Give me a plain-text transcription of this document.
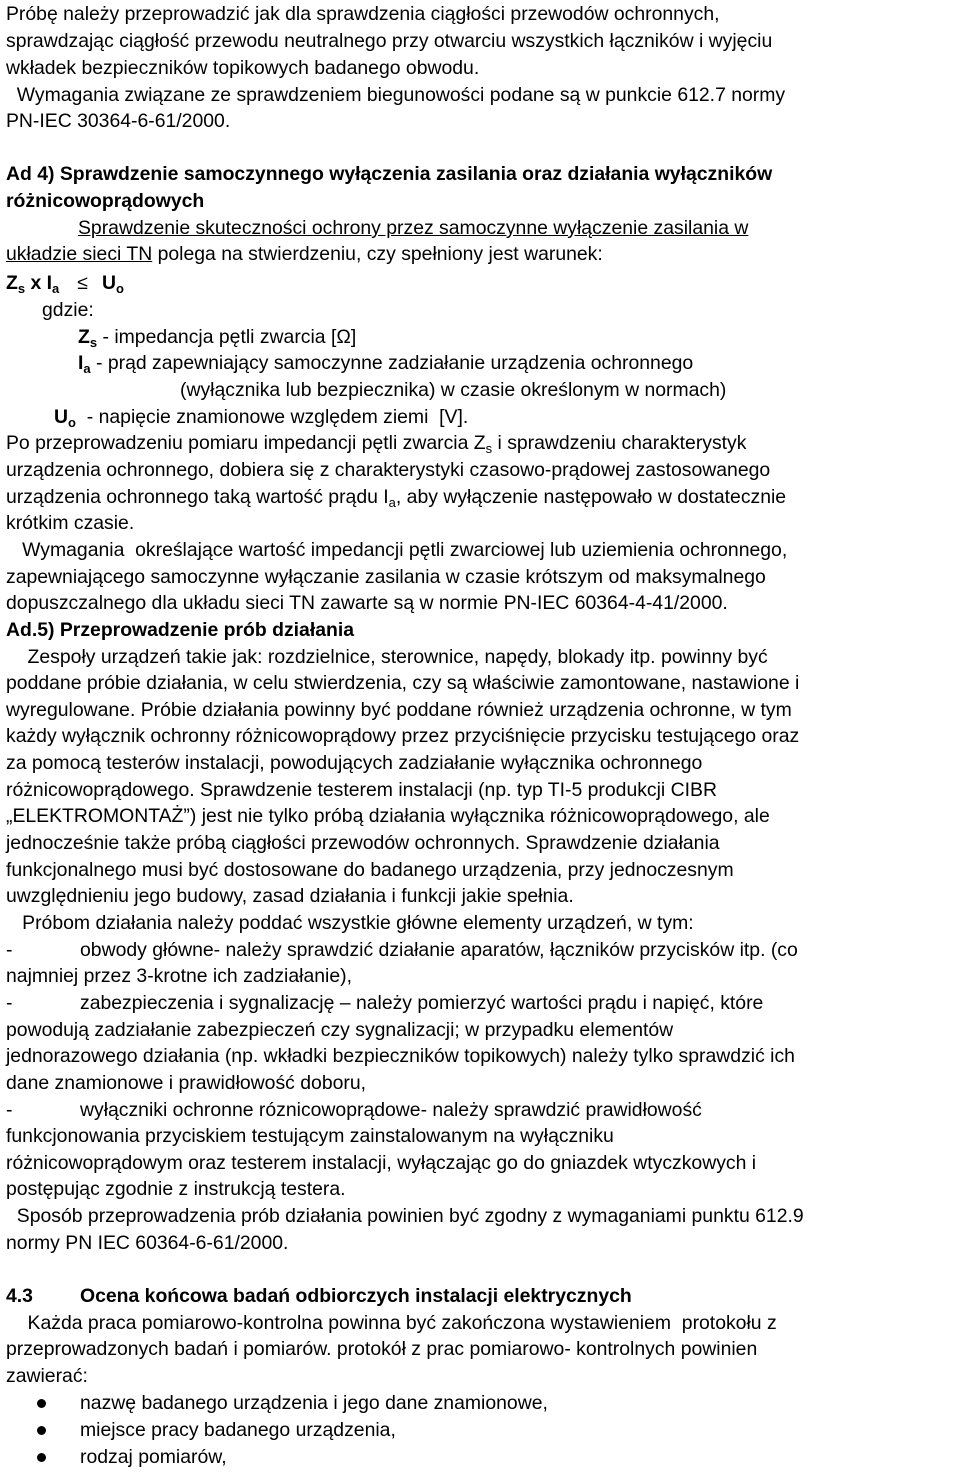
Próbę należy przeprowadzić jak dla sprawdzenia ciągłości przewodów ochronnych,
sprawdzając ciągłość przewodu neutralnego przy otwarciu wszystkich łączników i wyjęciu
wkładek bezpieczników topikowych badanego obwodu.
Wymagania związane ze sprawdzeniem biegunowości podane są w punkcie 612.7 normy
PN-IEC 30364-6-61/2000.
Ad 4) Sprawdzenie samoczynnego wyłączenia zasilania oraz działania wyłączników
różnicowoprądowych
Sprawdzenie skuteczności ochrony przez samoczynne wyłączenie zasilania w
układzie sieci TN polega na stwierdzeniu, czy spełniony jest warunek:
$Z_s$ x $I_a \le U_o$
gdzie:
$Z_s$ - impedancja pętli zwarcia [Ω]
$I_a$ - prąd zapewniający samoczynne zadziałanie urządzenia ochronnego
(wyłącznika lub bezpiecznika) w czasie określonym w normach)
$U_o$  - napięcie znamionowe względem ziemi  [V].
Po przeprowadzeniu pomiaru impedancji pętli zwarcia $Z_s$ i sprawdzeniu charakterystyk
urządzenia ochronnego, dobiera się z charakterystyki czasowo-prądowej zastosowanego
urządzenia ochronnego taką wartość prądu $I_a$, aby wyłączenie następowało w dostatecznie
krótkim czasie.
Wymagania  określające wartość impedancji pętli zwarciowej lub uziemienia ochronnego,
zapewniającego samoczynne wyłączanie zasilania w czasie krótszym od maksymalnego
dopuszczalnego dla układu sieci TN zawarte są w normie PN-IEC 60364-4-41/2000.
Ad.5) Przeprowadzenie prób działania
Zespoły urządzeń takie jak: rozdzielnice, sterownice, napędy, blokady itp. powinny być
poddane próbie działania, w celu stwierdzenia, czy są właściwie zamontowane, nastawione i
wyregulowane. Próbie działania powinny być poddane również urządzenia ochronne, w tym
każdy wyłącznik ochronny różnicowoprądowy przez przyciśnięcie przycisku testującego oraz
za pomocą testerów instalacji, powodujących zadziałanie wyłącznika ochronnego
różnicowoprądowego. Sprawdzenie testerem instalacji (np. typ TI-5 produkcji CIBR
„ELEKTROMONTAŻ”) jest nie tylko próbą działania wyłącznika różnicowoprądowego, ale
jednocześnie także próbą ciągłości przewodów ochronnych. Sprawdzenie działania
funkcjonalnego musi być dostosowane do badanego urządzenia, przy jednoczesnym
uwzględnieniu jego budowy, zasad działania i funkcji jakie spełnia.
Próbom działania należy poddać wszystkie główne elementy urządzeń, w tym:
-	obwody główne- należy sprawdzić działanie aparatów, łączników przycisków itp. (co
najmniej przez 3-krotne ich zadziałanie),
-	zabezpieczenia i sygnalizację – należy pomierzyć wartości prądu i napięć, które
powodują zadziałanie zabezpieczeń czy sygnalizacji; w przypadku elementów
jednorazowego działania (np. wkładki bezpieczników topikowych) należy tylko sprawdzić ich
dane znamionowe i prawidłowość doboru,
-	wyłączniki ochronne róznicowoprądowe- należy sprawdzić prawidłowość
funkcjonowania przyciskiem testującym zainstalowanym na wyłączniku
różnicowoprądowym oraz testerem instalacji, wyłączając go do gniazdek wtyczkowych i
postępując zgodnie z instrukcją testera.
Sposób przeprowadzenia prób działania powinien być zgodny z wymaganiami punktu 612.9
normy PN IEC 60364-6-61/2000.
4.3 Ocena końcowa badań odbiorczych instalacji elektrycznych
Każda praca pomiarowo-kontrolna powinna być zakończona wystawieniem  protokołu z
przeprowadzonych badań i pomiarów. protokół z prac pomiarowo- kontrolnych powinien
zawierać:
nazwę badanego urządzenia i jego dane znamionowe,
miejsce pracy badanego urządzenia,
rodzaj pomiarów,
